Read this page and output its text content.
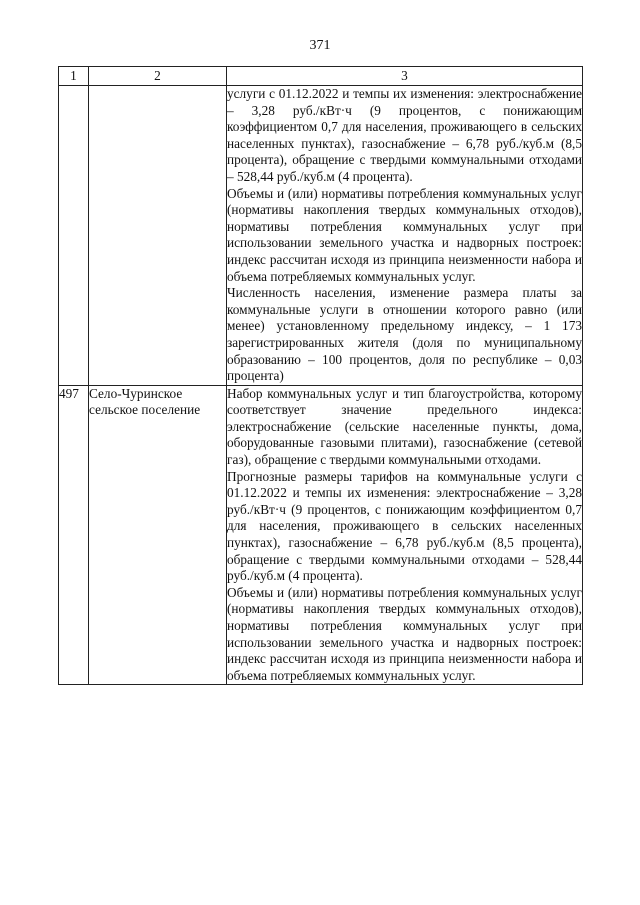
371
1	2	3

		услуги с 01.12.2022 и темпы их изменения: электроснабжение – 3,28 руб./кВт·ч (9 процентов, с понижающим коэффициентом 0,7 для населения, проживающего в сельских населенных пунктах), газоснабжение – 6,78 руб./куб.м (8,5 процента), обращение с твердыми коммунальными отходами – 528,44 руб./куб.м (4 процента).

Объемы и (или) нормативы потребления коммунальных услуг (нормативы накопления твердых коммунальных отходов), нормативы потребления коммунальных услуг при использовании земельного участка и надворных построек: индекс рассчитан исходя из принципа неизменности набора и объема потребляемых коммунальных услуг.

Численность населения, изменение размера платы за коммунальные услуги в отношении которого равно (или менее) установленному предельному индексу, – 1 173 зарегистрированных жителя (доля по муниципальному образованию – 100 процентов, доля по республике – 0,03 процента)

497	Село-Чуринское сельское поселение	Набор коммунальных услуг и тип благоустройства, которому соответствует значение предельного индекса: электроснабжение (сельские населенные пункты, дома, оборудованные газовыми плитами), газоснабжение (сетевой газ), обращение с твердыми коммунальными отходами.

Прогнозные размеры тарифов на коммунальные услуги с 01.12.2022 и темпы их изменения: электроснабжение – 3,28 руб./кВт·ч (9 процентов, с понижающим коэффициентом 0,7 для населения, проживающего в сельских населенных пунктах), газоснабжение – 6,78 руб./куб.м (8,5 процента), обращение с твердыми коммунальными отходами – 528,44 руб./куб.м (4 процента).

Объемы и (или) нормативы потребления коммунальных услуг (нормативы накопления твердых коммунальных отходов), нормативы потребления коммунальных услуг при использовании земельного участка и надворных построек: индекс рассчитан исходя из принципа неизменности набора и объема потребляемых коммунальных услуг.
